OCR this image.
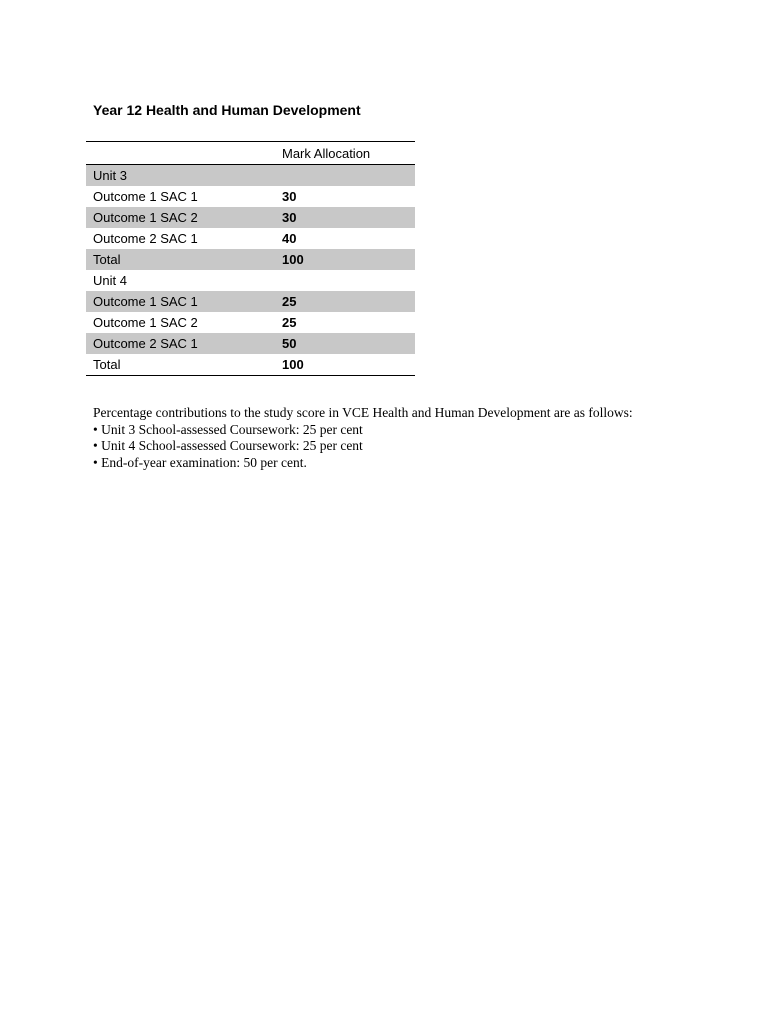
Year 12 Health and Human Development
	Mark Allocation
Unit 3	
Outcome 1 SAC 1	30
Outcome 1 SAC 2	30
Outcome 2 SAC 1	40
Total	100
Unit 4	
Outcome 1 SAC 1	25
Outcome 1 SAC 2	25
Outcome 2 SAC 1	50
Total	100

Percentage contributions to the study score in VCE Health and Human Development are as follows:

• Unit 3 School-assessed Coursework: 25 per cent
• Unit 4 School-assessed Coursework: 25 per cent
• End-of-year examination: 50 per cent.
